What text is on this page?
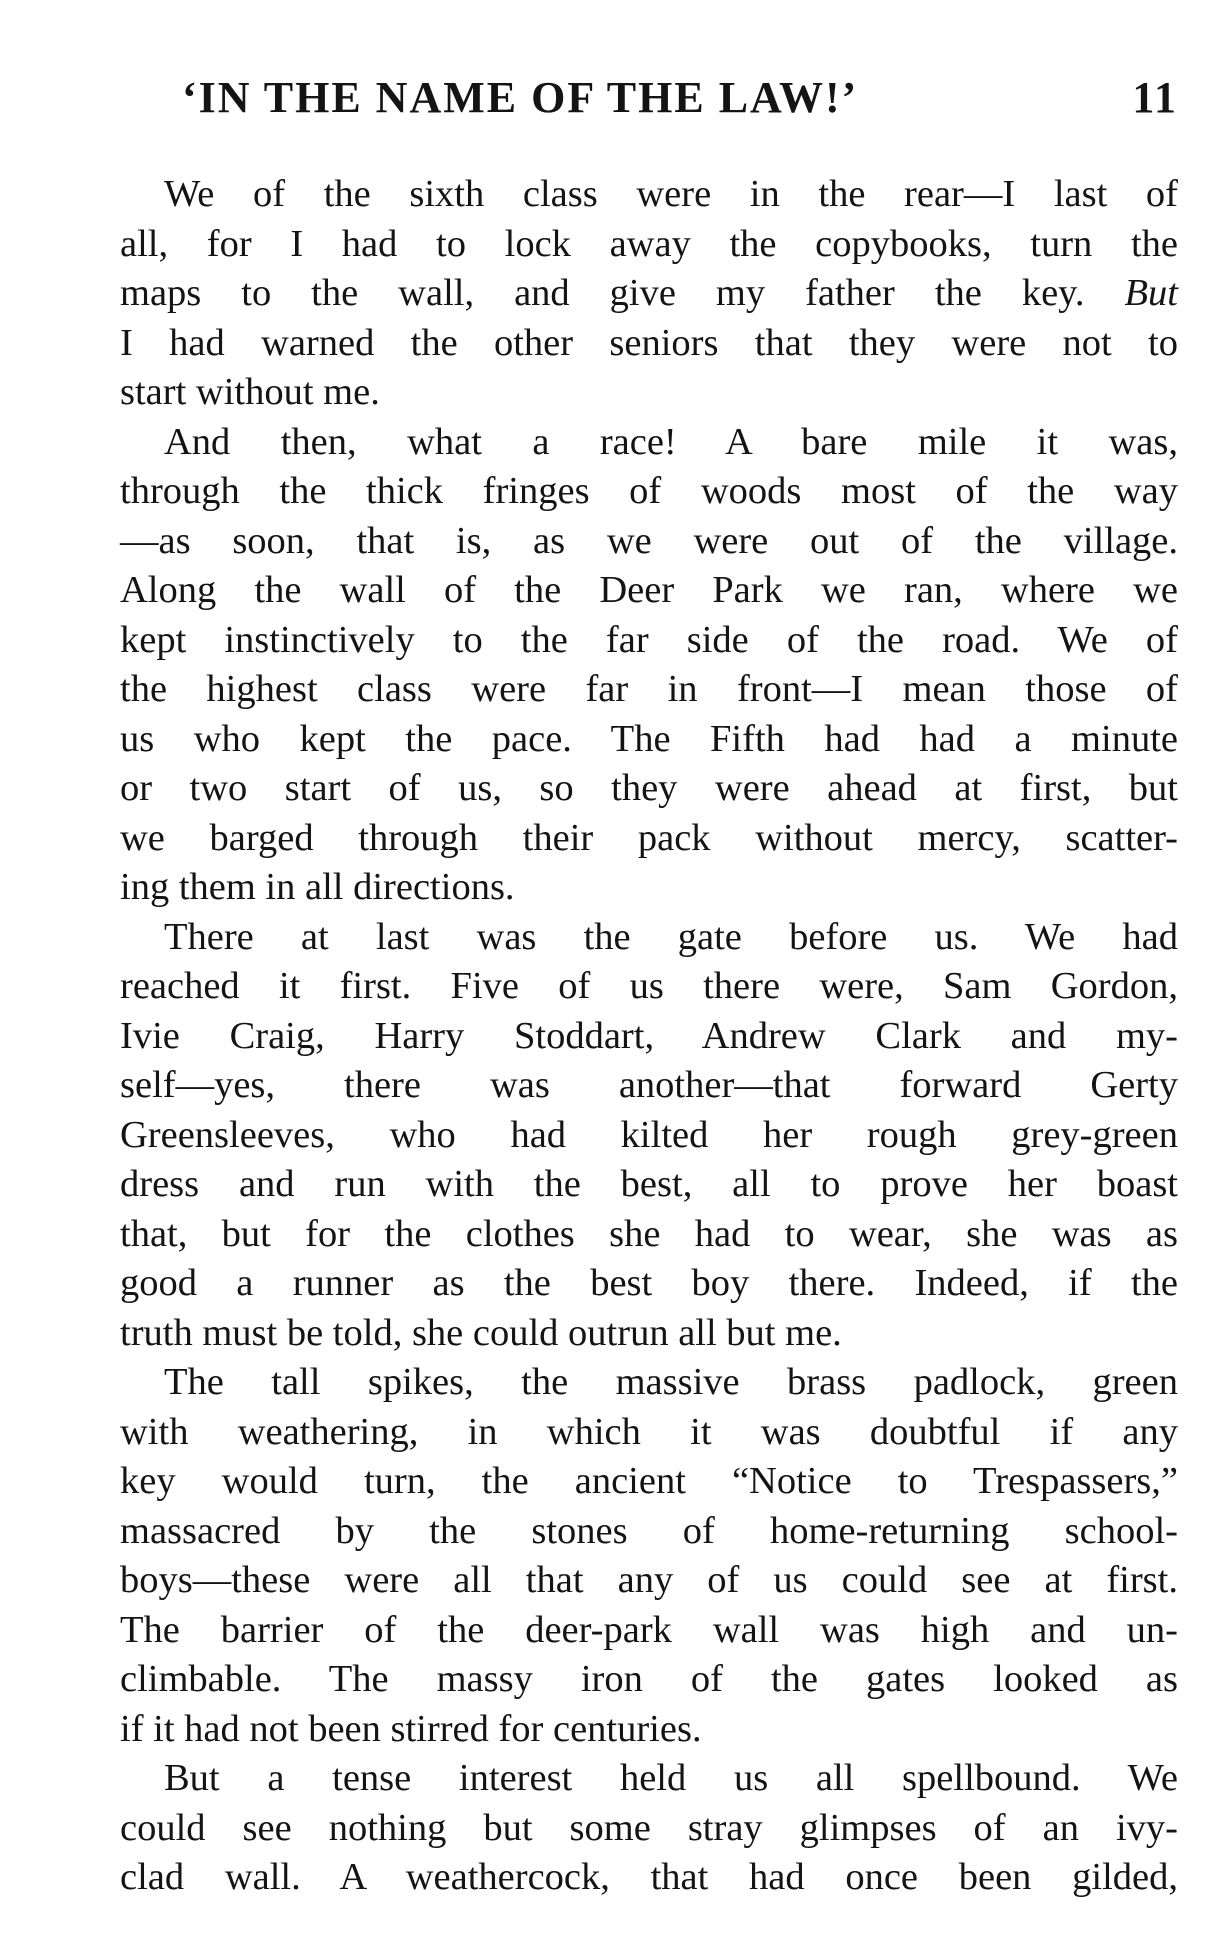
‘IN THE NAME OF THE LAW!’	11
We of the sixth class were in the rear—I last of
all, for I had to lock away the copybooks, turn the
maps to the wall, and give my father the key. But
I had warned the other seniors that they were not to
start without me.
And then, what a race! A bare mile it was,
through the thick fringes of woods most of the way
—as soon, that is, as we were out of the village.
Along the wall of the Deer Park we ran, where we
kept instinctively to the far side of the road. We of
the highest class were far in front—I mean those of
us who kept the pace. The Fifth had had a minute
or two start of us, so they were ahead at first, but
we barged through their pack without mercy, scatter-
ing them in all directions.
There at last was the gate before us. We had
reached it first. Five of us there were, Sam Gordon,
Ivie Craig, Harry Stoddart, Andrew Clark and my-
self—yes, there was another—that forward Gerty
Greensleeves, who had kilted her rough grey-green
dress and run with the best, all to prove her boast
that, but for the clothes she had to wear, she was as
good a runner as the best boy there. Indeed, if the
truth must be told, she could outrun all but me.
The tall spikes, the massive brass padlock, green
with weathering, in which it was doubtful if any
key would turn, the ancient “Notice to Trespassers,”
massacred by the stones of home-returning school-
boys—these were all that any of us could see at first.
The barrier of the deer-park wall was high and un-
climbable. The massy iron of the gates looked as
if it had not been stirred for centuries.
But a tense interest held us all spellbound. We
could see nothing but some stray glimpses of an ivy-
clad wall. A weathercock, that had once been gilded,
